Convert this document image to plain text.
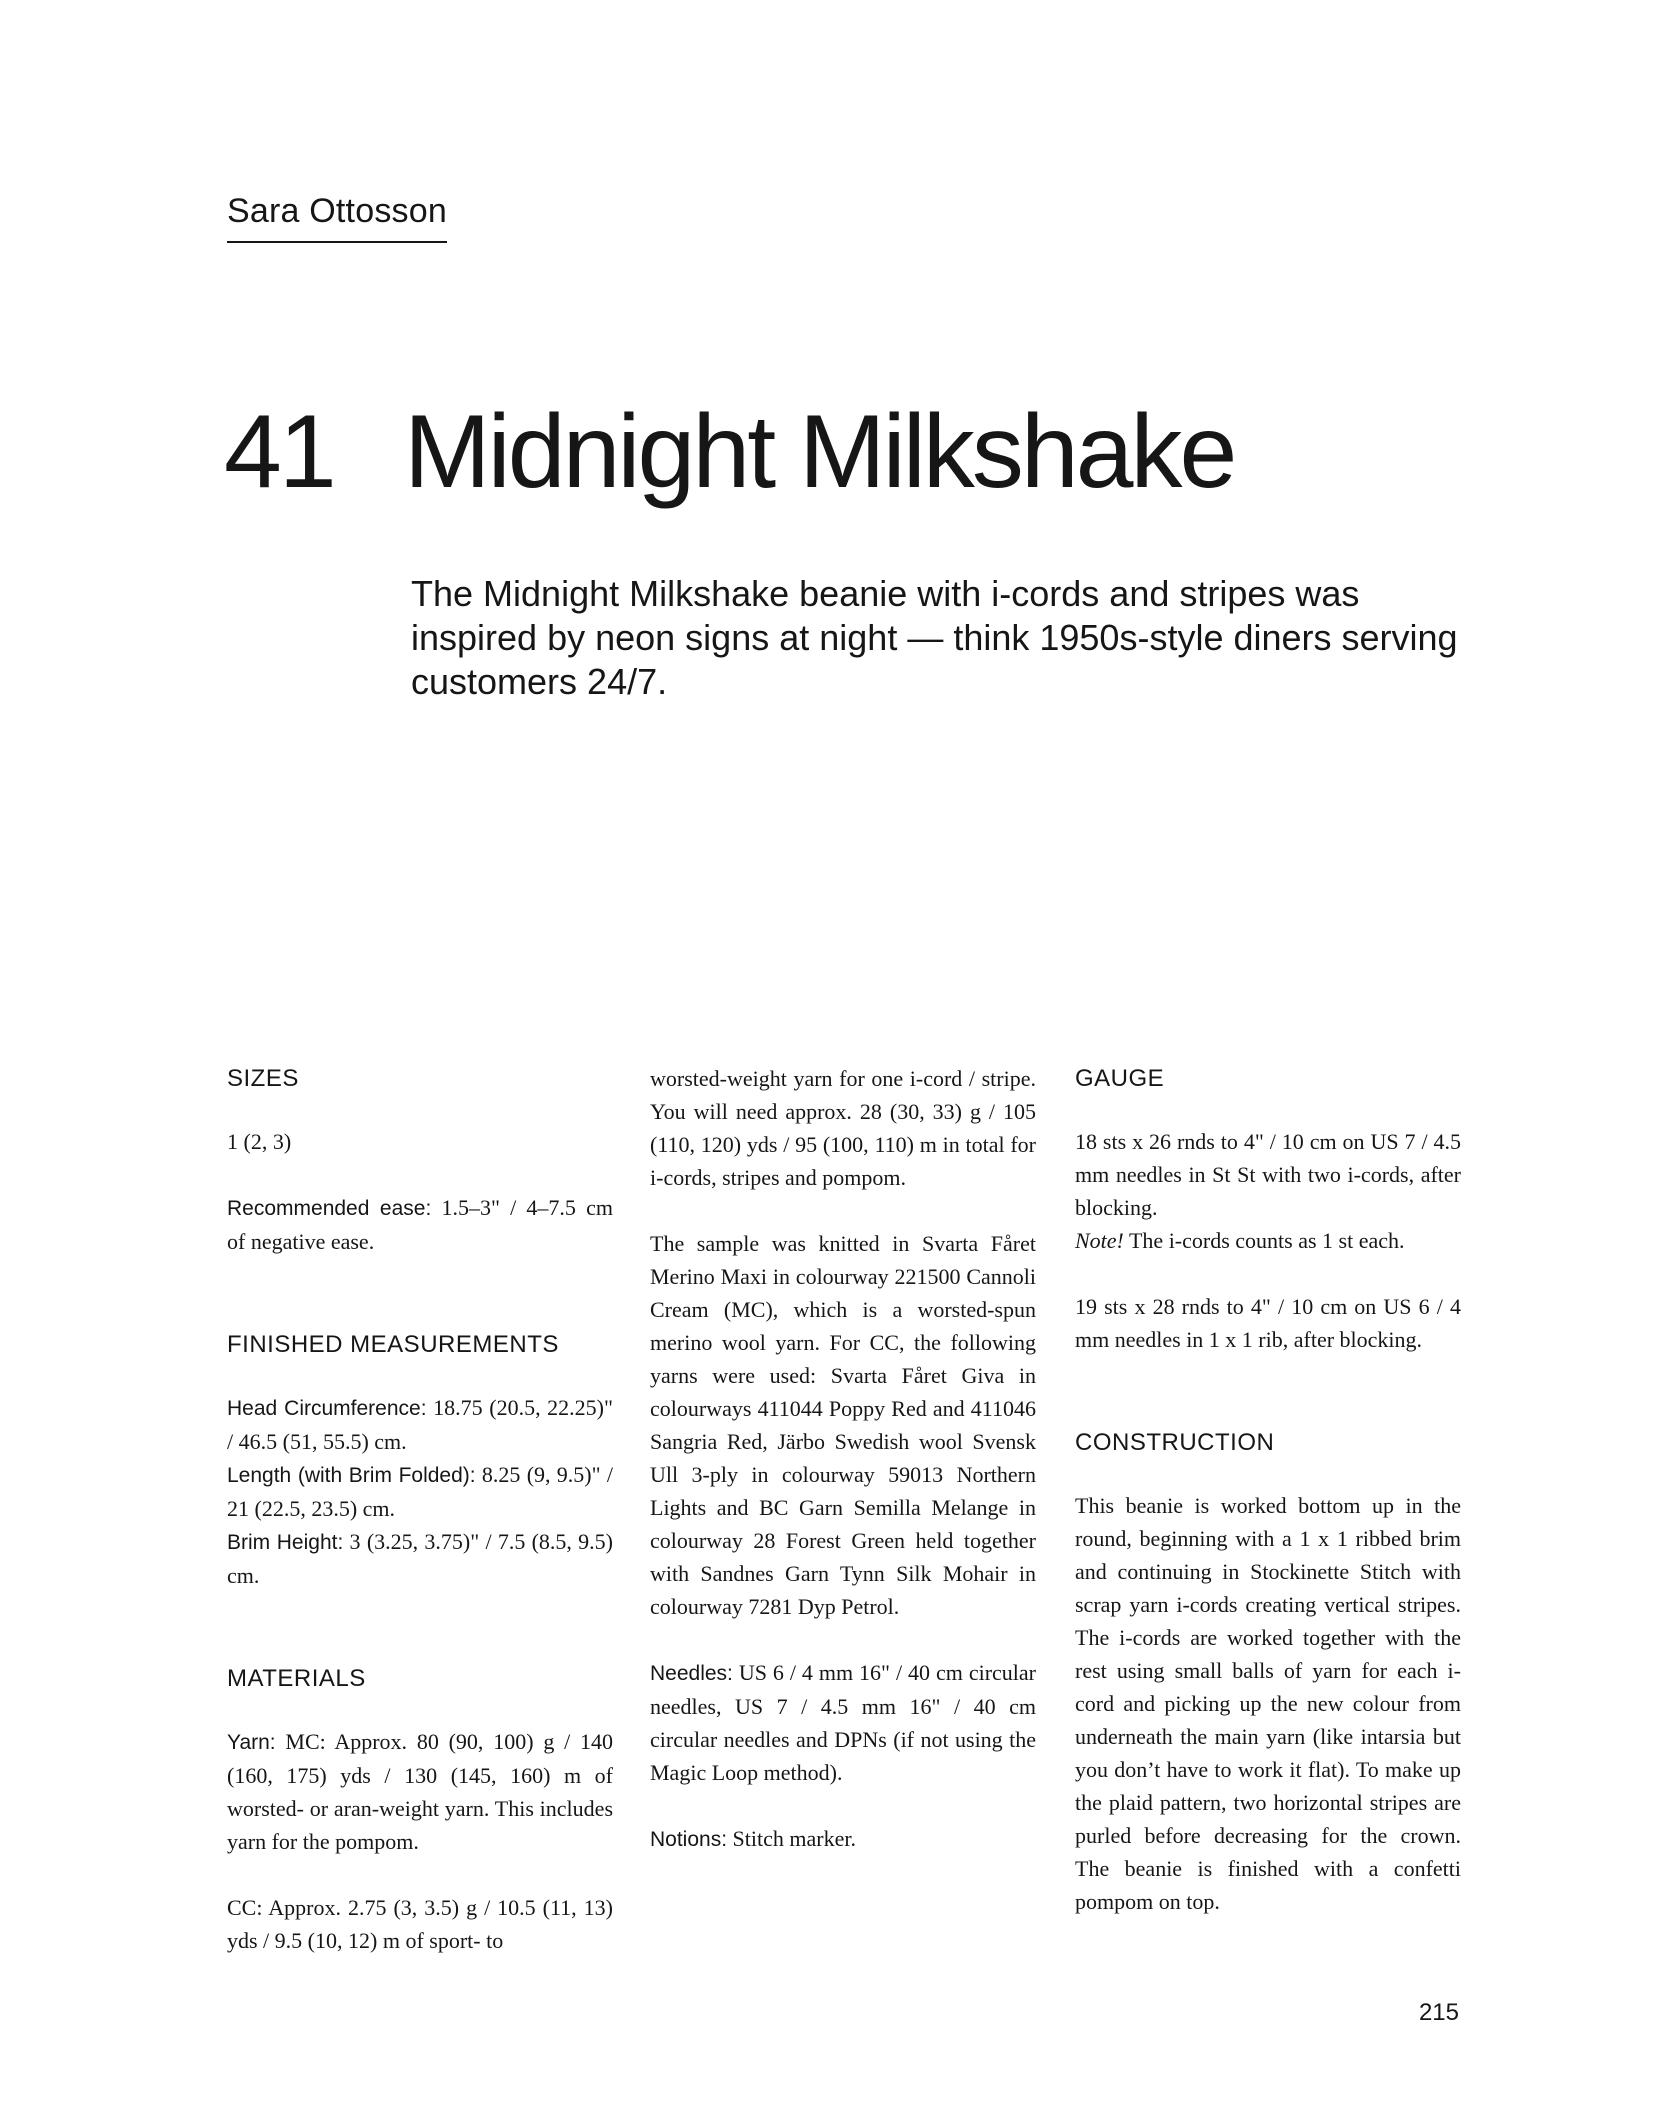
Sara Ottosson
41 Midnight Milkshake
The Midnight Milkshake beanie with i-cords and stripes was inspired by neon signs at night — think 1950s-style diners serving customers 24/7.
SIZES

1 (2, 3)

Recommended ease: 1.5–3" / 4–7.5 cm of negative ease.

FINISHED MEASUREMENTS

Head Circumference: 18.75 (20.5, 22.25)" / 46.5 (51, 55.5) cm.

Length (with Brim Folded): 8.25 (9, 9.5)" / 21 (22.5, 23.5) cm.

Brim Height: 3 (3.25, 3.75)" / 7.5 (8.5, 9.5) cm.

MATERIALS

Yarn: MC: Approx. 80 (90, 100) g / 140 (160, 175) yds / 130 (145, 160) m of worsted- or aran-weight yarn. This includes yarn for the pompom.

CC: Approx. 2.75 (3, 3.5) g / 10.5 (11, 13) yds / 9.5 (10, 12) m of sport- to

worsted-weight yarn for one i-cord / stripe. You will need approx. 28 (30, 33) g / 105 (110, 120) yds / 95 (100, 110) m in total for i-cords, stripes and pompom.

The sample was knitted in Svarta Fåret Merino Maxi in colourway 221500 Cannoli Cream (MC), which is a worsted-spun merino wool yarn. For CC, the following yarns were used: Svarta Fåret Giva in colourways 411044 Poppy Red and 411046 Sangria Red, Järbo Swedish wool Svensk Ull 3-ply in colourway 59013 Northern Lights and BC Garn Semilla Melange in colourway 28 Forest Green held together with Sandnes Garn Tynn Silk Mohair in colourway 7281 Dyp Petrol.

Needles: US 6 / 4 mm 16" / 40 cm circular needles, US 7 / 4.5 mm 16" / 40 cm circular needles and DPNs (if not using the Magic Loop method).

Notions: Stitch marker.

GAUGE

18 sts x 26 rnds to 4" / 10 cm on US 7 / 4.5 mm needles in St St with two i-cords, after blocking.

Note! The i-cords counts as 1 st each.

19 sts x 28 rnds to 4" / 10 cm on US 6 / 4 mm needles in 1 x 1 rib, after blocking.

CONSTRUCTION

This beanie is worked bottom up in the round, beginning with a 1 x 1 ribbed brim and continuing in Stockinette Stitch with scrap yarn i-cords creating vertical stripes. The i-cords are worked together with the rest using small balls of yarn for each i-cord and picking up the new colour from underneath the main yarn (like intarsia but you don’t have to work it flat). To make up the plaid pattern, two horizontal stripes are purled before decreasing for the crown. The beanie is finished with a confetti pompom on top.

215
